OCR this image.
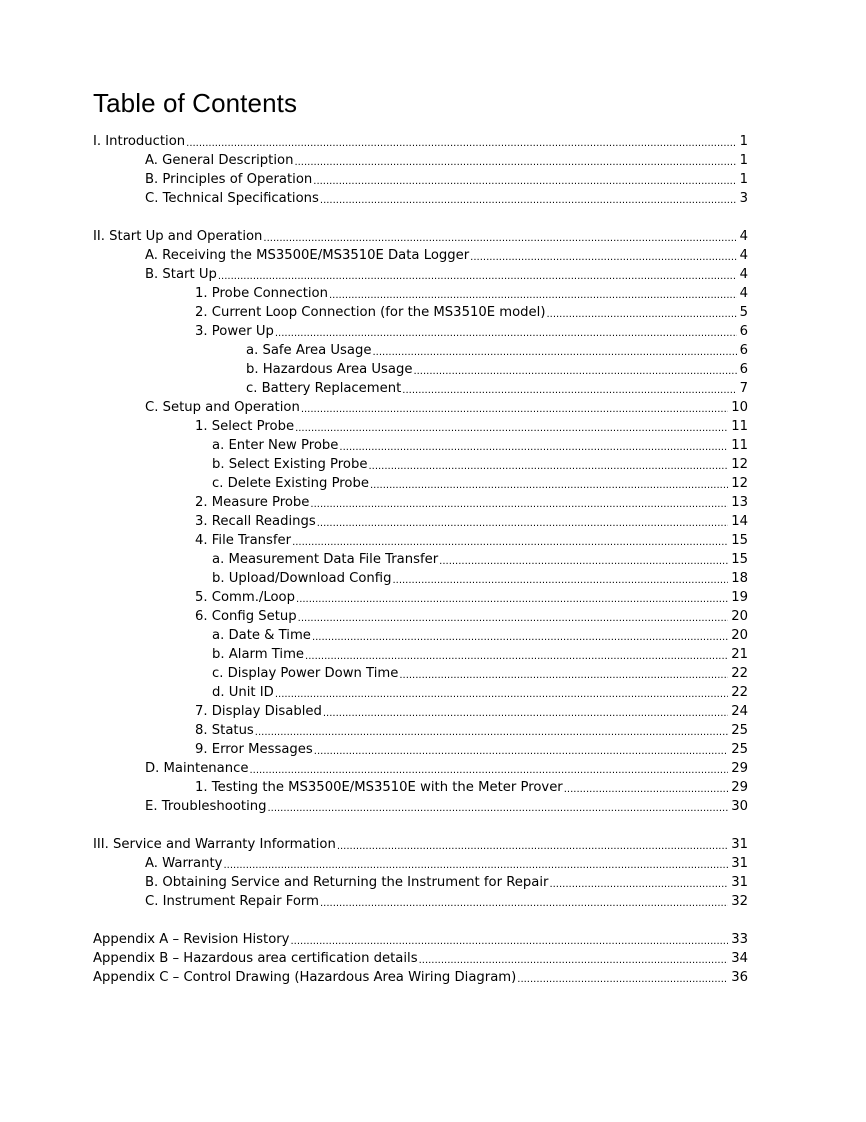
Table of Contents
I. Introduction .....	1
A. General Description .....	1
B. Principles of Operation .....	1
C. Technical Specifications .....	3
II. Start Up and Operation .....	4
A. Receiving the MS3500E/MS3510E Data Logger .....	4
B. Start Up .....	4
1. Probe Connection .....	4
2. Current Loop Connection (for the MS3510E model) .....	5
3. Power Up .....	6
a. Safe Area Usage .....	6
b. Hazardous Area Usage .....	6
c. Battery Replacement .....	7
C. Setup and Operation .....	10
1. Select Probe .....	11
a. Enter New Probe .....	11
b. Select Existing Probe .....	12
c. Delete Existing Probe .....	12
2. Measure Probe .....	13
3. Recall Readings .....	14
4. File Transfer .....	15
a. Measurement Data File Transfer .....	15
b. Upload/Download Config .....	18
5. Comm./Loop .....	19
6. Config Setup .....	20
a. Date & Time .....	20
b. Alarm Time .....	21
c. Display Power Down Time .....	22
d. Unit ID .....	22
7. Display Disabled .....	24
8. Status .....	25
9. Error Messages .....	25
D. Maintenance .....	29
1. Testing the MS3500E/MS3510E with the Meter Prover .....	29
E. Troubleshooting .....	30
III. Service and Warranty Information .....	31
A. Warranty .....	31
B. Obtaining Service and Returning the Instrument for Repair .....	31
C. Instrument Repair Form .....	32
Appendix A – Revision History .....	33
Appendix B – Hazardous area certification details .....	34
Appendix C – Control Drawing (Hazardous Area Wiring Diagram) .....	36
